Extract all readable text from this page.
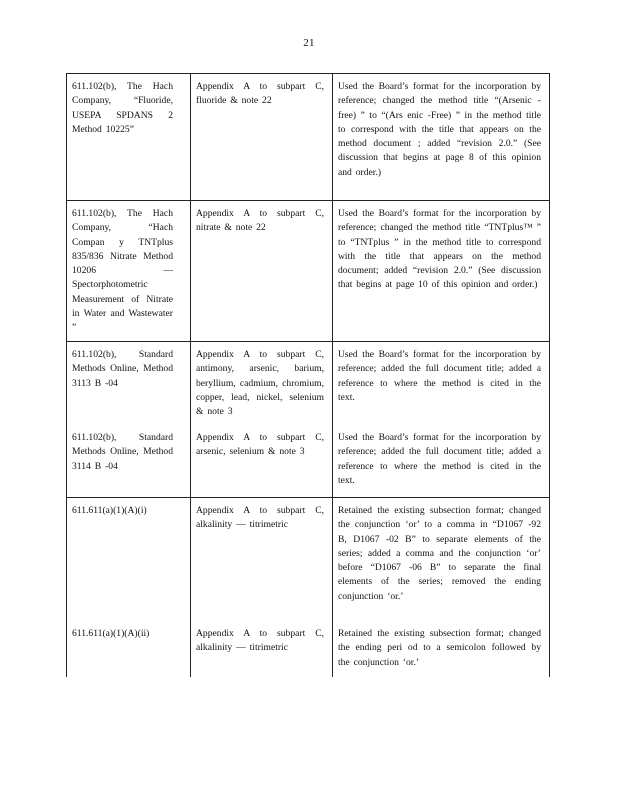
21
611.102(b), The Hach Company, “Fluoride, USEPA SPDANS 2 Method 10225”
Appendix A to subpart C, fluoride & note 22
Used the Board’s format for the incorporation by reference; changed the method title “(Arsenic -free) ” to “(Ars enic -Free) ” in the method title to correspond with the title that appears on the method document ; added “revision 2.0.” (See discussion that begins at page 8 of this opinion and order.)
611.102(b), The Hach Company, “Hach Compan y TNTplus 835/836 Nitrate Method 10206 — Spectorphotometric Measurement of Nitrate in Water and Wastewater ”
Appendix A to subpart C, nitrate & note 22
Used the Board’s format for the incorporation by reference; changed the method title “TNTplus™ ” to “TNTplus ” in the method title to correspond with the title that appears on the method document; added “revision 2.0.” (See discussion that begins at page 10 of this opinion and order.)
611.102(b), Standard Methods Online, Method 3113 B -04
Appendix A to subpart C, antimony, arsenic, barium, beryllium, cadmium, chromium, copper, lead, nickel, selenium & note 3
Used the Board’s format for the incorporation by reference; added the full document title; added a reference to where the method is cited in the text.
611.102(b), Standard Methods Online, Method 3114 B -04
Appendix A to subpart C, arsenic, selenium & note 3
Used the Board’s format for the incorporation by reference; added the full document title; added a reference to where the method is cited in the text.
611.611(a)(1)(A)(i)	Appendix A to subpart C, alkalinity — titrimetric
Retained the existing subsection format; changed the conjunction ‘or’ to a comma in “D1067 -92 B, D1067 -02 B” to separate elements of the series; added a comma and the conjunction ‘or’ before “D1067 -06 B” to separate the final elements of the series; removed the ending conjunction ‘or.’
611.611(a)(1)(A)(ii)	Appendix A to subpart C, alkalinity — titrimetric
Retained the existing subsection format; changed the ending peri od to a semicolon followed by the conjunction ‘or.’
